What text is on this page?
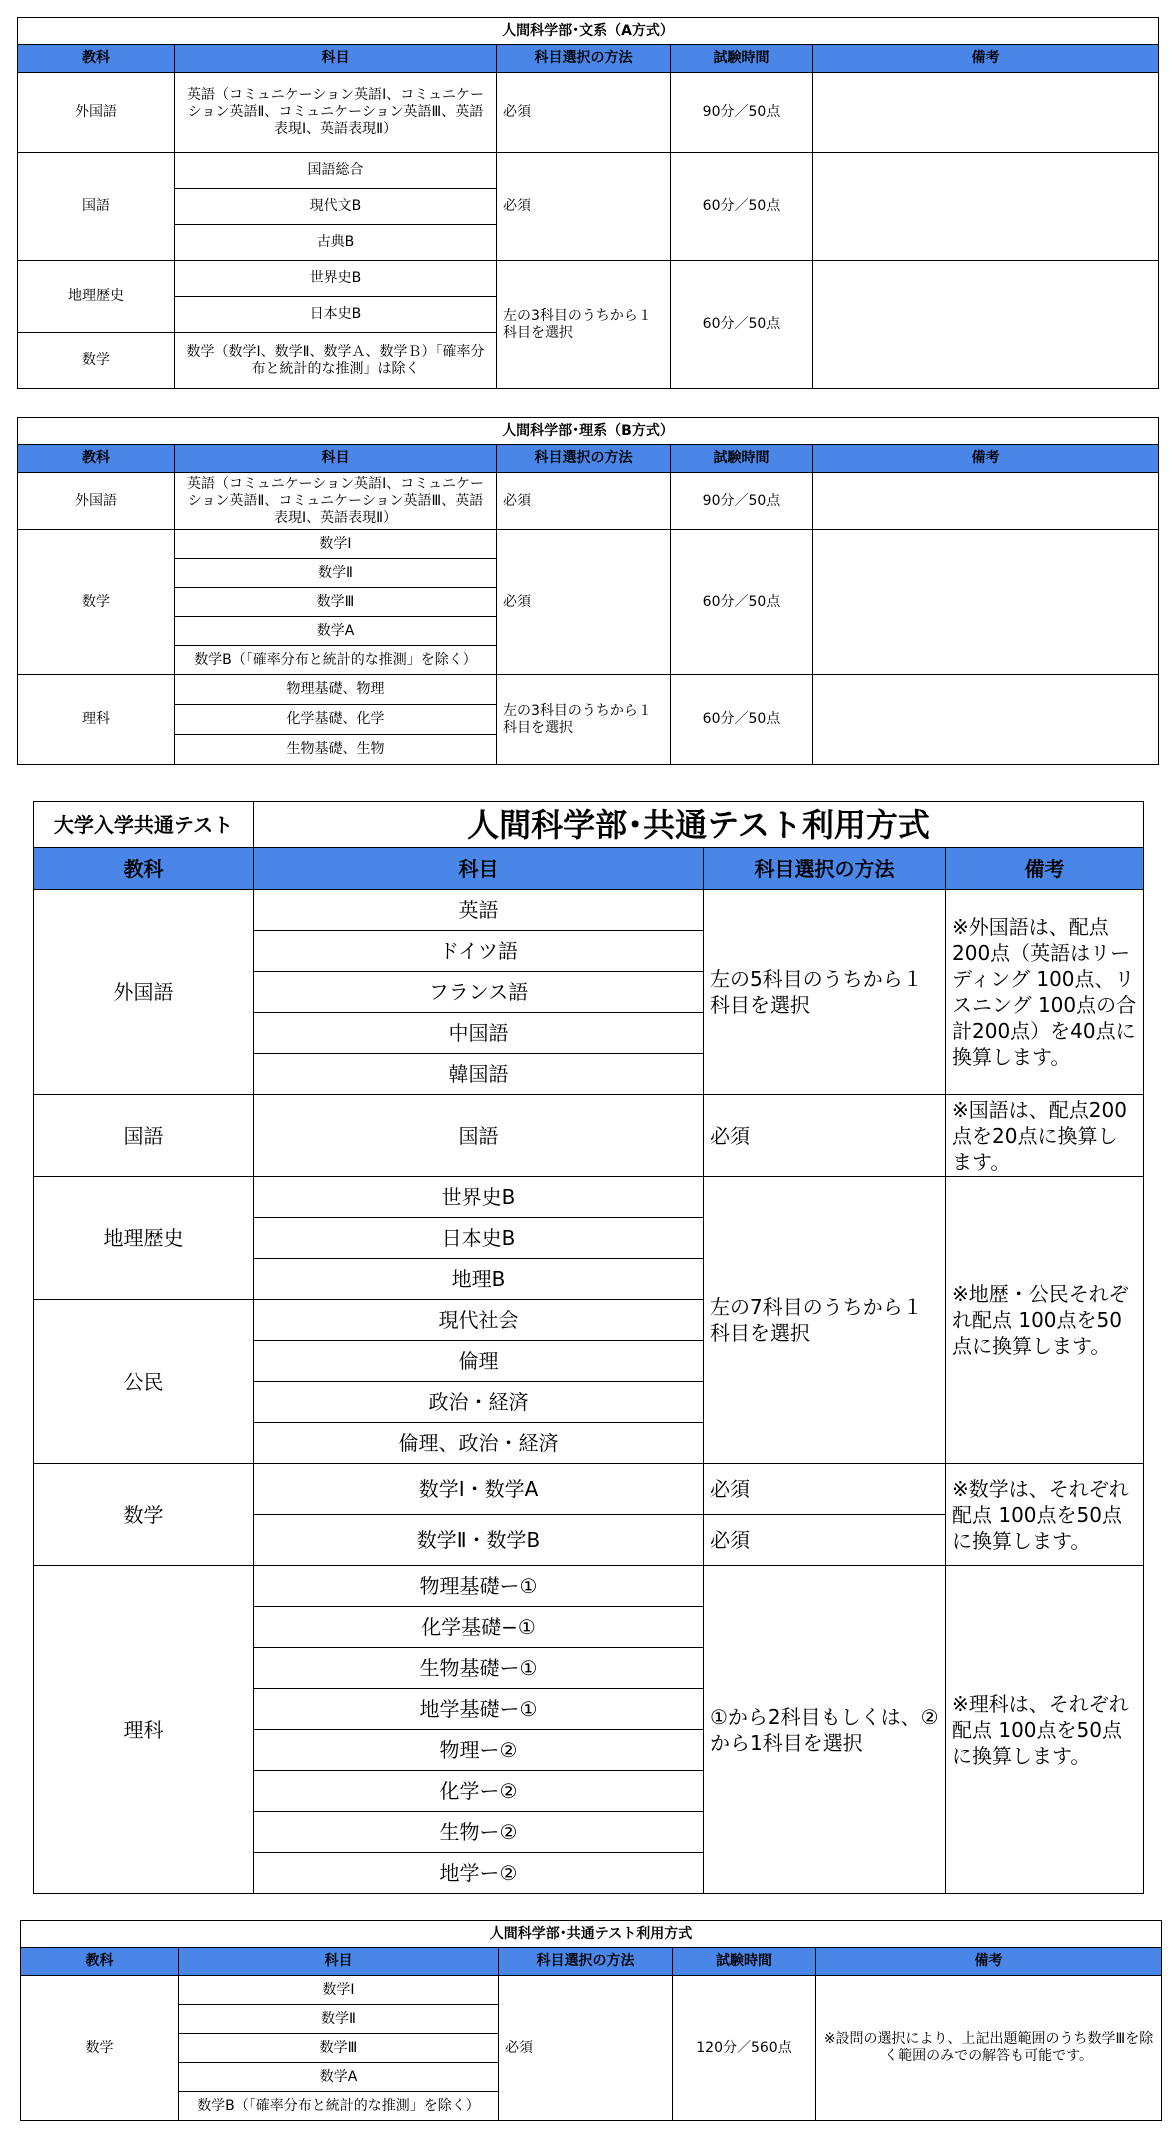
人間科学部･文系（A方式）				
教科	科目	科目選択の方法	試験時間	備考
外国語	英語（コミュニケーション英語Ⅰ、コミュニケーション英語Ⅱ、コミュニケーション英語Ⅲ、英語表現Ⅰ、英語表現Ⅱ）	必須	90分／50点	
国語	国語総合	必須	60分／50点	
	現代文B			
	古典B			
地理歴史	世界史B	左の3科目のうちから１科目を選択	60分／50点	
	日本史B			
数学	数学（数学Ⅰ、数学Ⅱ、数学Ａ、数学Ｂ）「確率分布と統計的な推測」は除く			
人間科学部･理系（B方式）				
教科	科目	科目選択の方法	試験時間	備考
外国語	英語（コミュニケーション英語Ⅰ、コミュニケーション英語Ⅱ、コミュニケーション英語Ⅲ、英語表現Ⅰ、英語表現Ⅱ）	必須	90分／50点	
数学	数学Ⅰ	必須	60分／50点	
	数学Ⅱ			
	数学Ⅲ			
	数学A			
	数学B（「確率分布と統計的な推測」を除く）			
理科	物理基礎、物理	左の3科目のうちから１科目を選択	60分／50点	
	化学基礎、化学			
	生物基礎、生物			
大学入学共通テスト	人間科学部･共通テスト利用方式		
教科	科目	科目選択の方法	備考
外国語	英語	左の5科目のうちから１科目を選択	※外国語は、配点200点（英語はリーディング 100点、リスニング 100点の合計200点）を40点に換算します。
	ドイツ語		
	フランス語		
	中国語		
	韓国語		
国語	国語	必須	※国語は、配点200点を20点に換算します。
地理歴史	世界史B	左の7科目のうちから１科目を選択	※地歴・公民それぞれ配点 100点を50点に換算します。
	日本史B		
	地理B		
公民	現代社会		
	倫理		
	政治・経済		
	倫理、政治・経済		
数学	数学Ⅰ・数学A	必須	※数学は、それぞれ配点 100点を50点に換算します。
	数学Ⅱ・数学B	必須	
理科	物理基礎ー①	①から2科目もしくは、②から1科目を選択	※理科は、それぞれ配点 100点を50点に換算します。
	化学基礎−①		
	生物基礎ー①		
	地学基礎ー①		
	物理ー②		
	化学ー②		
	生物ー②		
	地学ー②		
人間科学部･共通テスト利用方式				
教科	科目	科目選択の方法	試験時間	備考
数学	数学Ⅰ	必須	120分／560点	※設問の選択により、上記出題範囲のうち数学Ⅲを除く範囲のみでの解答も可能です。
	数学Ⅱ			
	数学Ⅲ			
	数学A			
	数学B（「確率分布と統計的な推測」を除く）			
